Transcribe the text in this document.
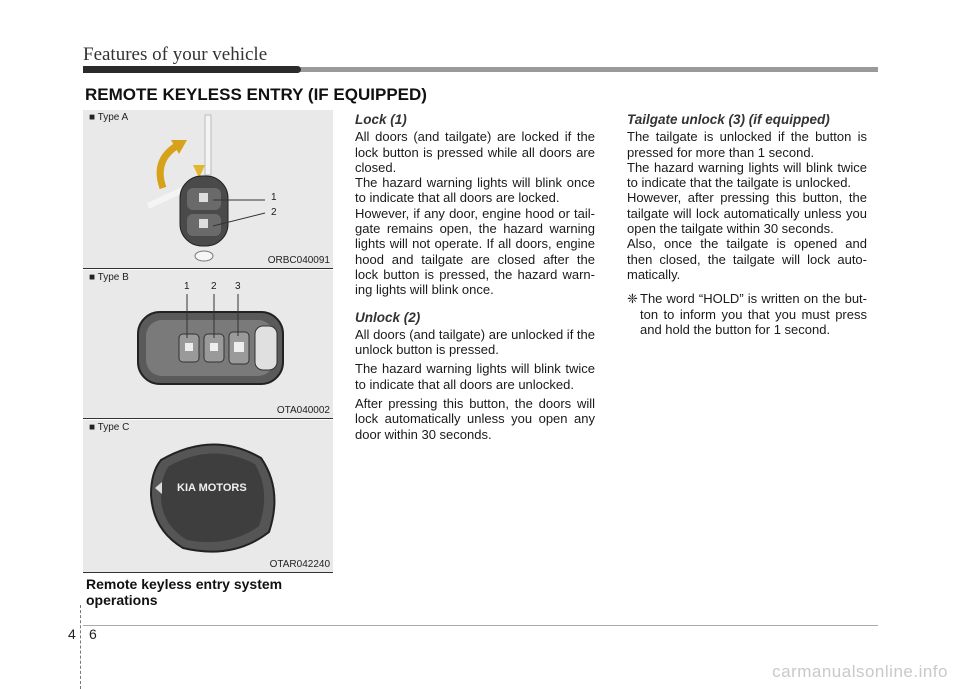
Features of your vehicle
REMOTE KEYLESS ENTRY (IF EQUIPPED)
■ Type A
1
2
ORBC040091
■ Type B
1 2 3
OTA040002
■ Type C
KIA MOTORS
OTAR042240
Remote keyless entry system operations
Lock (1)

All doors (and tailgate) are locked if the lock button is pressed while all doors are closed.

The hazard warning lights will blink once to indicate that all doors are locked.

However, if any door, engine hood or tail-gate remains open, the hazard warning lights will not operate. If all doors, engine hood and tailgate are closed after the lock button is pressed, the hazard warn-ing lights will blink once.

Unlock (2)

All doors (and tailgate) are unlocked if the unlock button is pressed.

The hazard warning lights will blink twice to indicate that all doors are unlocked.

After pressing this button, the doors will lock automatically unless you open any door within 30 seconds.

Tailgate unlock (3) (if equipped)

The tailgate is unlocked if the button is pressed for more than 1 second.

The hazard warning lights will blink twice to indicate that the tailgate is unlocked.

However, after pressing this button, the tailgate will lock automatically unless you open the tailgate within 30 seconds.

Also, once the tailgate is opened and then closed, the tailgate will lock auto-matically.

❈ The word “HOLD” is written on the but-ton to inform you that you must press and hold the button for 1 second.
4 6
carmanualsonline.info
